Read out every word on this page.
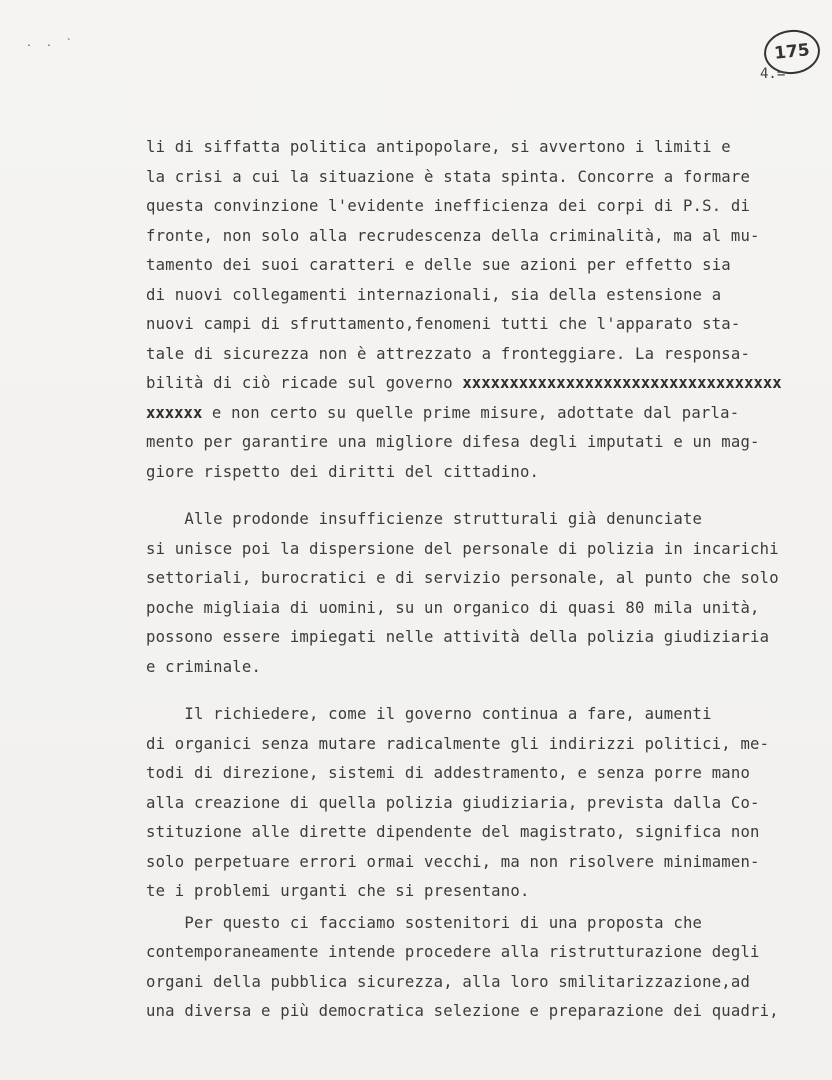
. . `	175
4.=
li di siffatta politica antipopolare, si avvertono i limiti e
la crisi a cui la situazione è stata spinta. Concorre a formare
questa convinzione l'evidente inefficienza dei corpi di P.S. di
fronte, non solo alla recrudescenza della criminalità, ma al mu-
tamento dei suoi caratteri e delle sue azioni per effetto sia
di nuovi collegamenti internazionali, sia della estensione a
nuovi campi di sfruttamento,fenomeni tutti che l'apparato sta-
tale di sicurezza non è attrezzato a fronteggiare. La responsa-
bilità di ciò ricade sul governo xxxxxxxxxxxxxxxxxxxxxxxxxxxxxxxxxx
xxxxxx e non certo su quelle prime misure, adottate dal parla-
mento per garantire una migliore difesa degli imputati e un mag-
giore rispetto dei diritti del cittadino.
Alle prodonde insufficienze strutturali già denunciate
si unisce poi la dispersione del personale di polizia in incarichi
settoriali, burocratici e di servizio personale, al punto che solo
poche migliaia di uomini, su un organico di quasi 80 mila unità,
possono essere impiegati nelle attività della polizia giudiziaria
e criminale.
Il richiedere, come il governo continua a fare, aumenti
di organici senza mutare radicalmente gli indirizzi politici, me-
todi di direzione, sistemi di addestramento, e senza porre mano
alla creazione di quella polizia giudiziaria, prevista dalla Co-
stituzione alle dirette dipendente del magistrato, significa non
solo perpetuare errori ormai vecchi, ma non risolvere minimamen-
te i problemi urganti che si presentano.
Per questo ci facciamo sostenitori di una proposta che
contemporaneamente intende procedere alla ristrutturazione degli
organi della pubblica sicurezza, alla loro smilitarizzazione,ad
una diversa e più democratica selezione e preparazione dei quadri,
